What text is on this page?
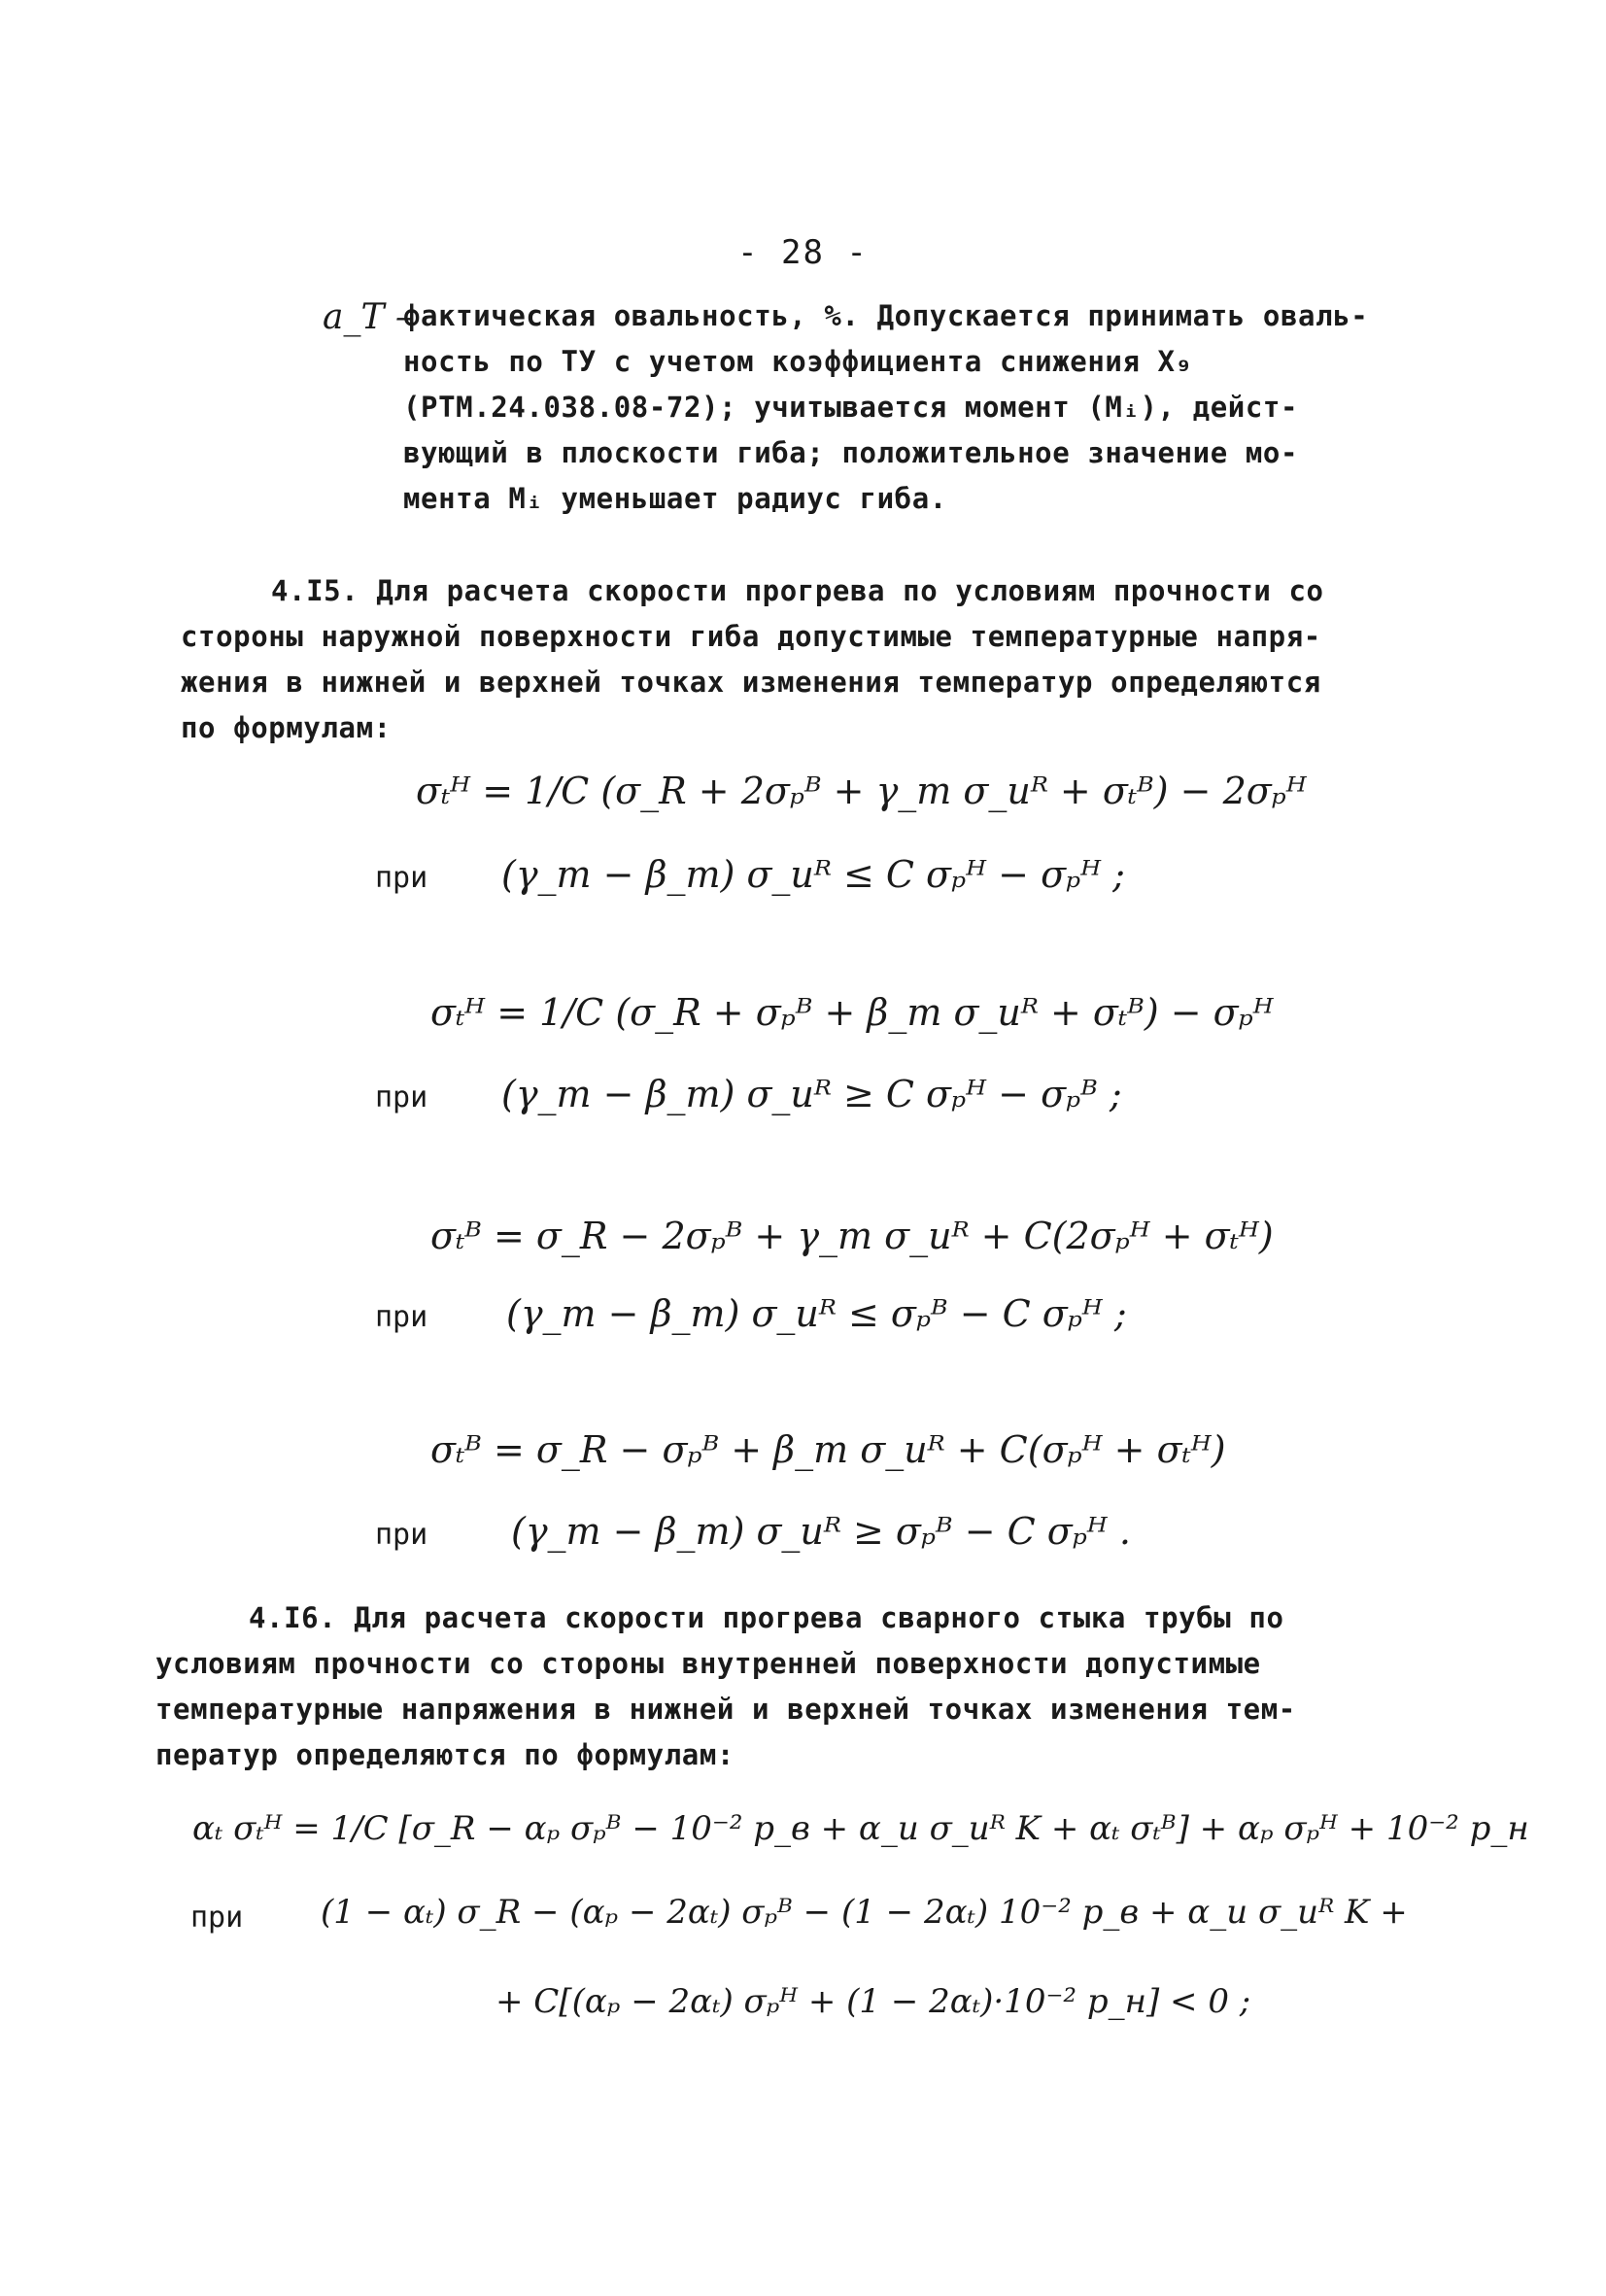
- 28 -
a_T –
фактическая овальность, %. Допускается принимать оваль-
ность по ТУ с учетом коэффициента снижения X₉
(РТМ.24.038.08-72); учитывается момент (Mᵢ), дейст-
вующий в плоскости гиба; положительное значение мо-
мента Mᵢ уменьшает радиус гиба.
4.I5. Для расчета скорости прогрева по условиям прочности со
стороны наружной поверхности гиба допустимые температурные напря-
жения в нижней и верхней точках изменения температур определяются
по формулам:
σₜᴴ = 1/C (σ_R + 2σₚᴮ + γ_m σ_иᴿ + σₜᴮ) − 2σₚᴴ
при (γ_m − β_m) σ_иᴿ ≤ C σₚᴴ − σₚᴴ ;
σₜᴴ = 1/C (σ_R + σₚᴮ + β_m σ_иᴿ + σₜᴮ) − σₚᴴ
при (γ_m − β_m) σ_иᴿ ≥ C σₚᴴ − σₚᴮ ;
σₜᴮ = σ_R − 2σₚᴮ + γ_m σ_иᴿ + C(2σₚᴴ + σₜᴴ)
при (γ_m − β_m) σ_иᴿ ≤ σₚᴮ − C σₚᴴ ;
σₜᴮ = σ_R − σₚᴮ + β_m σ_иᴿ + C(σₚᴴ + σₜᴴ)
при (γ_m − β_m) σ_иᴿ ≥ σₚᴮ − C σₚᴴ .
4.I6. Для расчета скорости прогрева сварного стыка трубы по
условиям прочности со стороны внутренней поверхности допустимые
температурные напряжения в нижней и верхней точках изменения тем-
ператур определяются по формулам:
αₜ σₜᴴ = 1/C [σ_R − αₚ σₚᴮ − 10⁻² p_в + α_и σ_иᴿ K + αₜ σₜᴮ] + αₚ σₚᴴ + 10⁻² p_н
при (1 − αₜ) σ_R − (αₚ − 2αₜ) σₚᴮ − (1 − 2αₜ) 10⁻² p_в + α_и σ_иᴿ K +
+ C[(αₚ − 2αₜ) σₚᴴ + (1 − 2αₜ)·10⁻² p_н] < 0 ;
